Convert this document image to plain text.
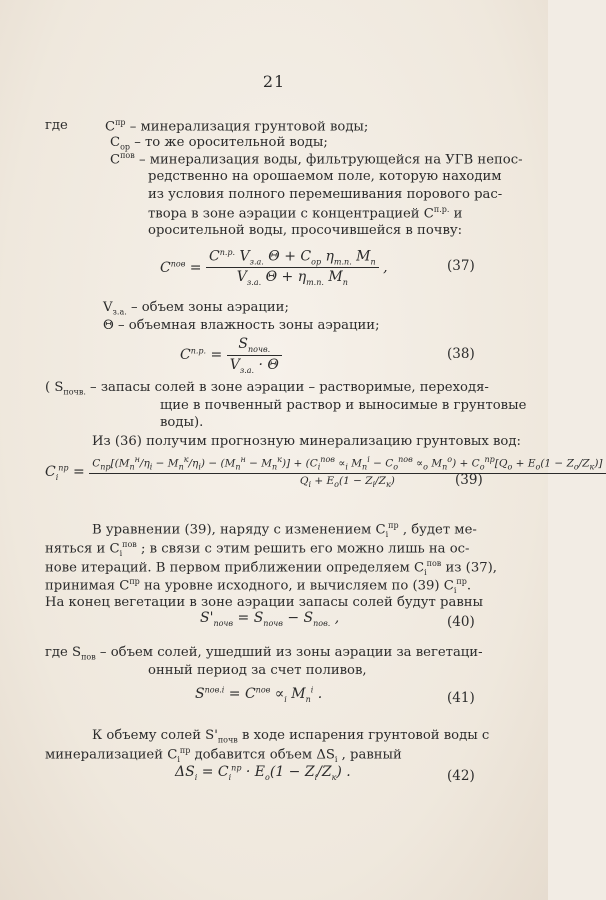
21
где	$C^{пр}$ – минерализация грунтовой воды;
$C_{ор}$ – то же оросительной воды;
$C^{пов}$ – минерализация воды, фильтрующейся на УГВ непос-
редственно на орошаемом поле, которую находим
из условия полного перемешивания порового рас-
твора в зоне аэрации с концентрацией $C^{п.р.}$ и
оросительной воды, просочившейся в почву:
$V_{з.а.}$ – объем зоны аэрации;
Θ – объемная влажность зоны аэрации;
( $S_{почв.}$ – запасы солей в зоне аэрации – растворимые, переходя-
щие в почвенный раствор и выносимые в грунтовые
воды).
Из (36) получим прогнозную минерализацию грунтовых вод:
В уравнении (39), наряду с изменением $C_i^{пр}$ , будет ме-
няться и $C_i^{пов}$ ; в связи с этим решить его можно лишь на ос-
нове итераций. В первом приближении определяем $C_i^{пов}$ из (37),
принимая $C^{пр}$ на уровне исходного, и вычисляем по (39) $C_i^{пр}$.
На конец вегетации в зоне аэрации запасы солей будут равны
где $S_{пов}$ – объем солей, ушедший из зоны аэрации за вегетаци-
онный период за счет поливов,
К объему солей $S'_{почв}$ в ходе испарения грунтовой воды с
минерализацией $C_i^{пр}$ добавится объем $\Delta S_i$ , равный
$C^{пов} = \frac{C^{п.р.} V_{з.а.} \Theta + C_{ор} \eta_{т.п.} M_п}{V_{з.а.} \Theta + \eta_{т.п.} M_п}$ ,	(37)
$C^{п.р.} = \frac{S_{почв.}}{V_{з.а.} \cdot \Theta}$	(38)
$C_i^{пр}$ =
$C_{пр}[(M_п^н/\eta_i - M_п^к/\eta_i) - (M_п^н - M_п^к)] + (C_i^{пов} \propto_i$ $M_п^i - C_о^{пов} \propto_о$ $M_п^о) + C_о^{пр}[Q_о + E_о(1 - Z_о/Z_к)]$
$Q_i + E_о(1 - Z_i/Z_к)$	(39)
$S'_{почв} = S_{почв} - S_{пов.}$ ,	(40)
$S^{пов.i} = C^{пов} \propto_i$ $M_п^i$ .	(41)
$\Delta S_i = C_i^{пр} \cdot E_о(1 - Z_i/Z_к)$ .	(42)
